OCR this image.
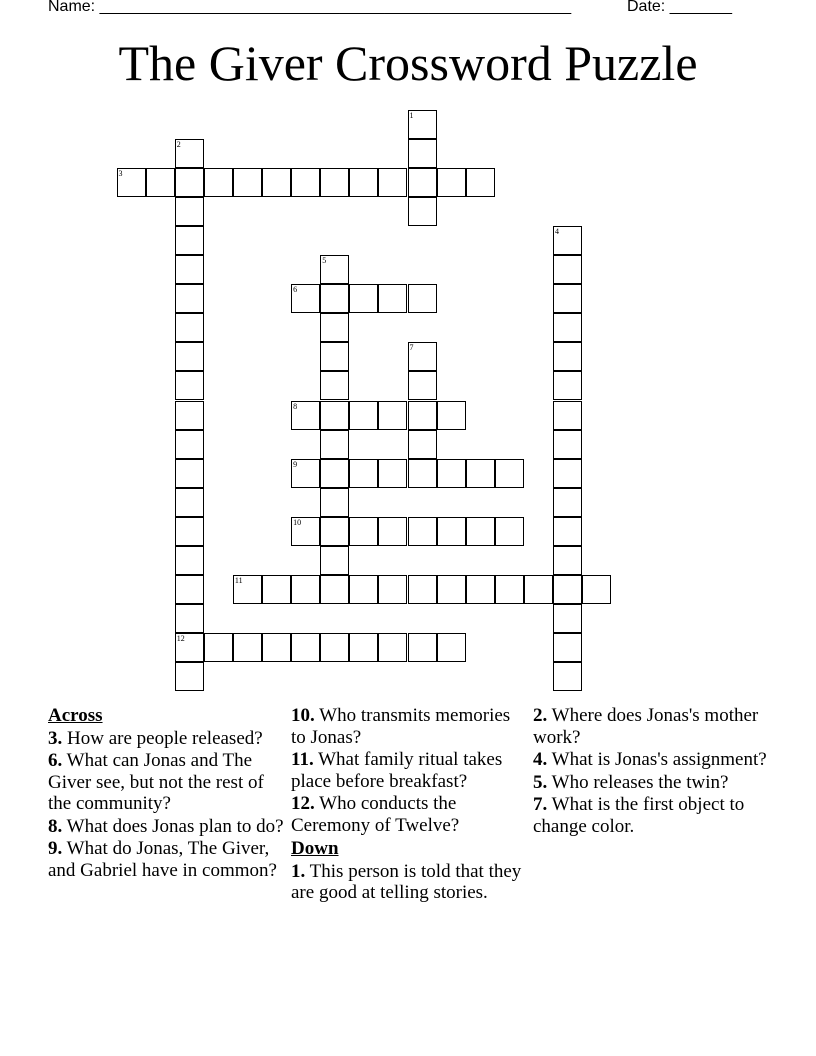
Name: _____________________________________________________	Date: _______
The Giver Crossword Puzzle
1
2
12
3
4
5
6
7
8
9
10
11
Across
3. How are people released?
6. What can Jonas and The Giver see, but not the rest of the community?
8. What does Jonas plan to do?
9. What do Jonas, The Giver, and Gabriel have in common?
10. Who transmits memories to Jonas?
11. What family ritual takes place before breakfast?
12. Who conducts the Ceremony of Twelve?
Down
1. This person is told that they are good at telling stories.
2. Where does Jonas's mother work?
4. What is Jonas's assignment?
5. Who releases the twin?
7. What is the first object to change color.
